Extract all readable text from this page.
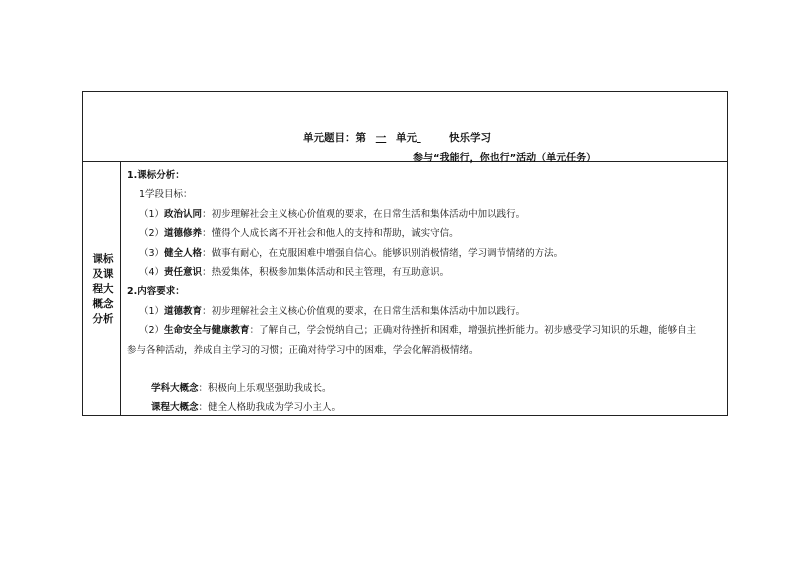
单元题目：第 一 单元	快乐学习
参与“我能行，你也行”活动（单元任务）
课标及课程大概念分析

1.课标分析：

1学段目标：

（1）政治认同：初步理解社会主义核心价值观的要求，在日常生活和集体活动中加以践行。

（2）道德修养：懂得个人成长离不开社会和他人的支持和帮助，诚实守信。

（3）健全人格：做事有耐心，在克服困难中增强自信心。能够识别消极情绪，学习调节情绪的方法。

（4）责任意识：热爱集体，积极参加集体活动和民主管理，有互助意识。

2.内容要求：

（1）道德教育：初步理解社会主义核心价值观的要求，在日常生活和集体活动中加以践行。

（2）生命安全与健康教育：了解自己，学会悦纳自己；正确对待挫折和困难，增强抗挫折能力。初步感受学习知识的乐趣，能够自主

参与各种活动，养成自主学习的习惯；正确对待学习中的困难，学会化解消极情绪。

学科大概念：积极向上乐观坚强助我成长。

课程大概念：健全人格助我成为学习小主人。
